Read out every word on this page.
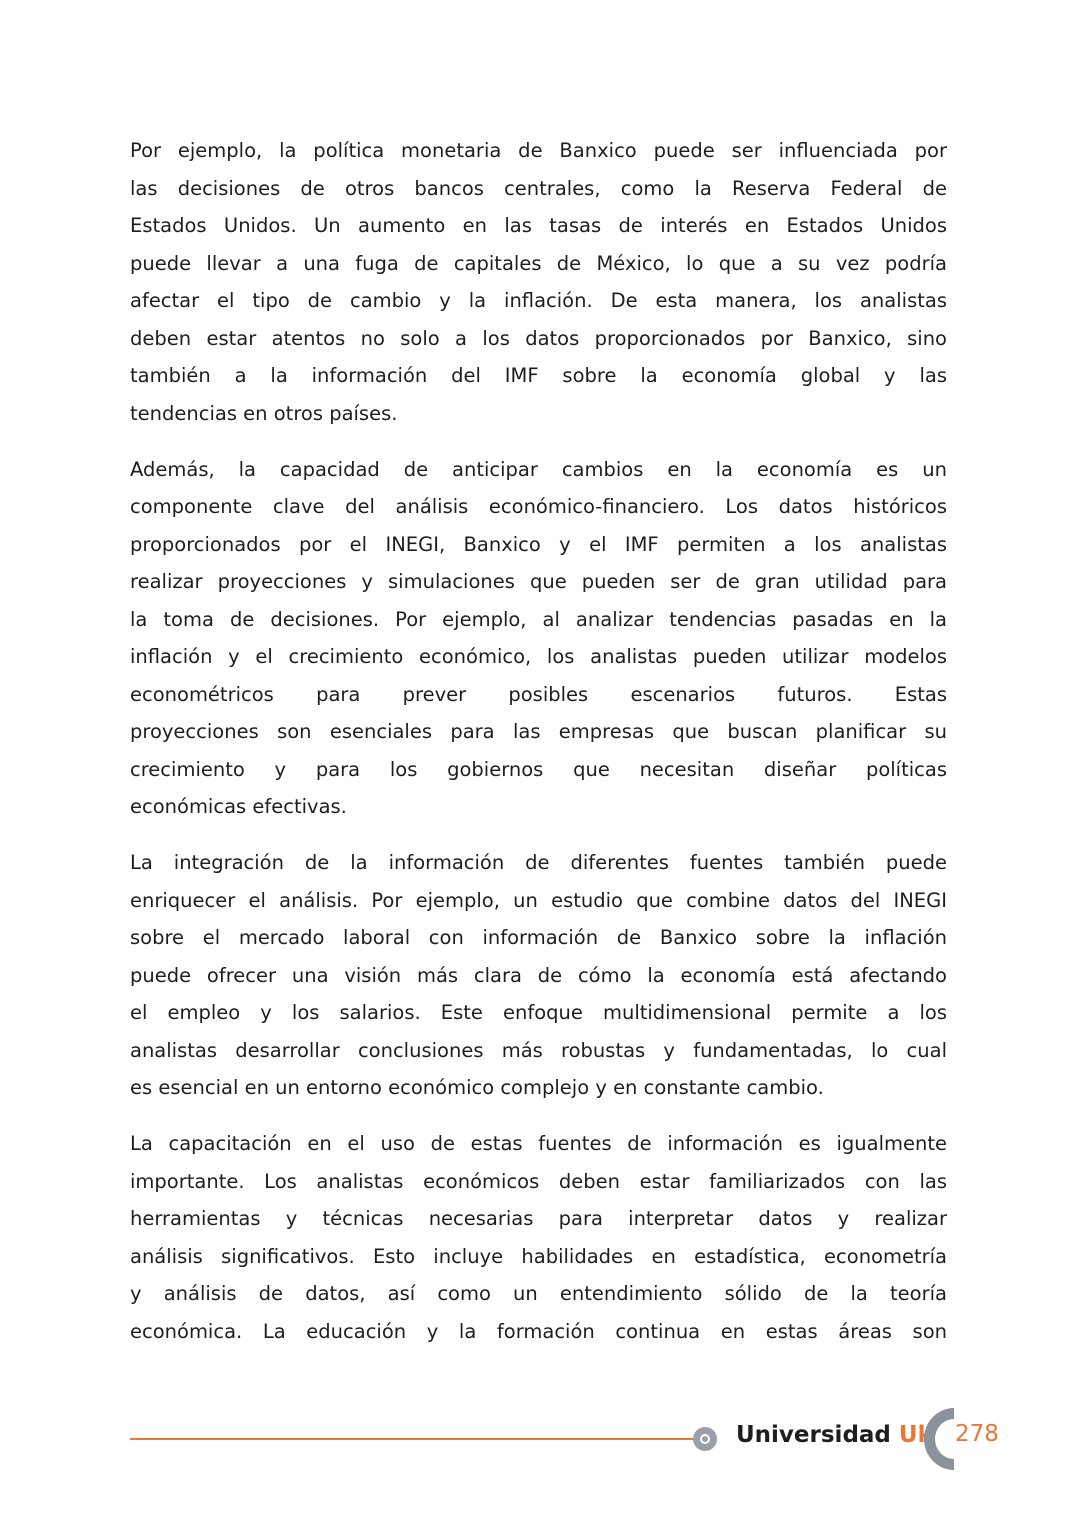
Por ejemplo, la política monetaria de Banxico puede ser influenciada por
las decisiones de otros bancos centrales, como la Reserva Federal de
Estados Unidos. Un aumento en las tasas de interés en Estados Unidos
puede llevar a una fuga de capitales de México, lo que a su vez podría
afectar el tipo de cambio y la inflación. De esta manera, los analistas
deben estar atentos no solo a los datos proporcionados por Banxico, sino
también a la información del IMF sobre la economía global y las
tendencias en otros países.
Además, la capacidad de anticipar cambios en la economía es un
componente clave del análisis económico-financiero. Los datos históricos
proporcionados por el INEGI, Banxico y el IMF permiten a los analistas
realizar proyecciones y simulaciones que pueden ser de gran utilidad para
la toma de decisiones. Por ejemplo, al analizar tendencias pasadas en la
inflación y el crecimiento económico, los analistas pueden utilizar modelos
econométricos para prever posibles escenarios futuros. Estas
proyecciones son esenciales para las empresas que buscan planificar su
crecimiento y para los gobiernos que necesitan diseñar políticas
económicas efectivas.
La integración de la información de diferentes fuentes también puede
enriquecer el análisis. Por ejemplo, un estudio que combine datos del INEGI
sobre el mercado laboral con información de Banxico sobre la inflación
puede ofrecer una visión más clara de cómo la economía está afectando
el empleo y los salarios. Este enfoque multidimensional permite a los
analistas desarrollar conclusiones más robustas y fundamentadas, lo cual
es esencial en un entorno económico complejo y en constante cambio.
La capacitación en el uso de estas fuentes de información es igualmente
importante. Los analistas económicos deben estar familiarizados con las
herramientas y técnicas necesarias para interpretar datos y realizar
análisis significativos. Esto incluye habilidades en estadística, econometría
y análisis de datos, así como un entendimiento sólido de la teoría
económica. La educación y la formación continua en estas áreas son
Universidad Uk 278
